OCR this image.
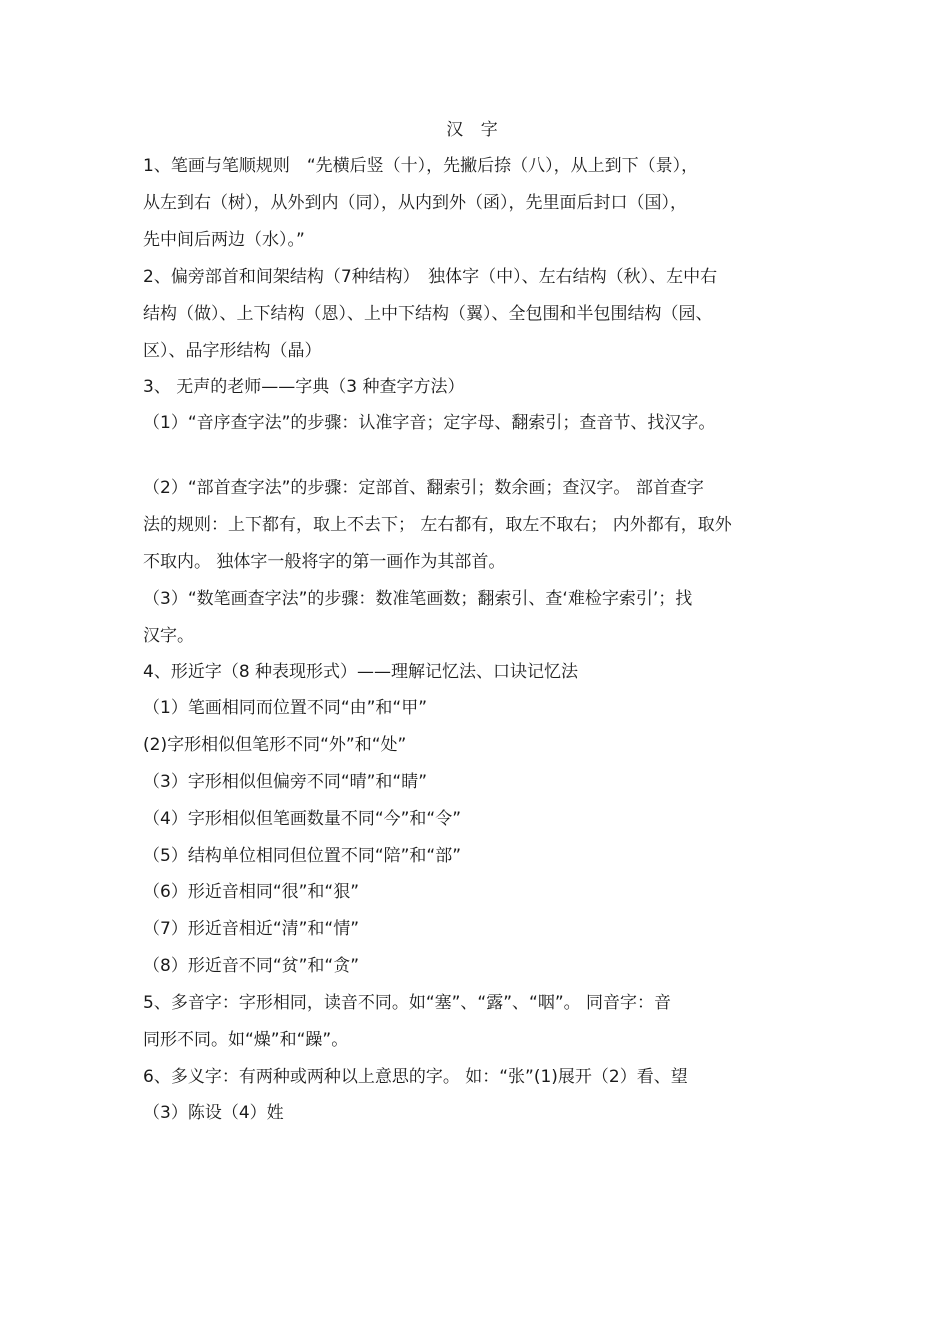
汉 字
1、笔画与笔顺规则　“先横后竖（十），先撇后捺（八），从上到下（景），
从左到右（树），从外到内（同），从内到外（函），先里面后封口（国），
先中间后两边（水）。”
2、偏旁部首和间架结构（7种结构）　独体字（中）、左右结构（秋）、左中右
结构（做）、上下结构（恩）、上中下结构（翼）、全包围和半包围结构（园、
区）、品字形结构（晶）
3、 无声的老师——字典（3 种查字方法）
（1）“音序查字法”的步骤：认准字音；定字母、翻索引；查音节、找汉字。
（2）“部首查字法”的步骤：定部首、翻索引；数余画；查汉字。 部首查字
法的规则：上下都有，取上不去下； 左右都有，取左不取右； 内外都有，取外
不取内。 独体字一般将字的第一画作为其部首。
（3）“数笔画查字法”的步骤：数准笔画数；翻索引、查‘难检字索引’；找
汉字。
4、形近字（8 种表现形式）——理解记忆法、口诀记忆法
（1）笔画相同而位置不同“由”和“甲”
(2)字形相似但笔形不同“外”和“处”
（3）字形相似但偏旁不同“晴”和“睛”
（4）字形相似但笔画数量不同“今”和“令”
（5）结构单位相同但位置不同“陪”和“部”
（6）形近音相同“很”和“狠”
（7）形近音相近“清”和“情”
（8）形近音不同“贫”和“贪”
5、多音字：字形相同，读音不同。如“塞”、“露”、“咽”。 同音字：音
同形不同。如“燥”和“躁”。
6、多义字：有两种或两种以上意思的字。 如：“张”(1)展开（2）看、望
（3）陈设（4）姓
